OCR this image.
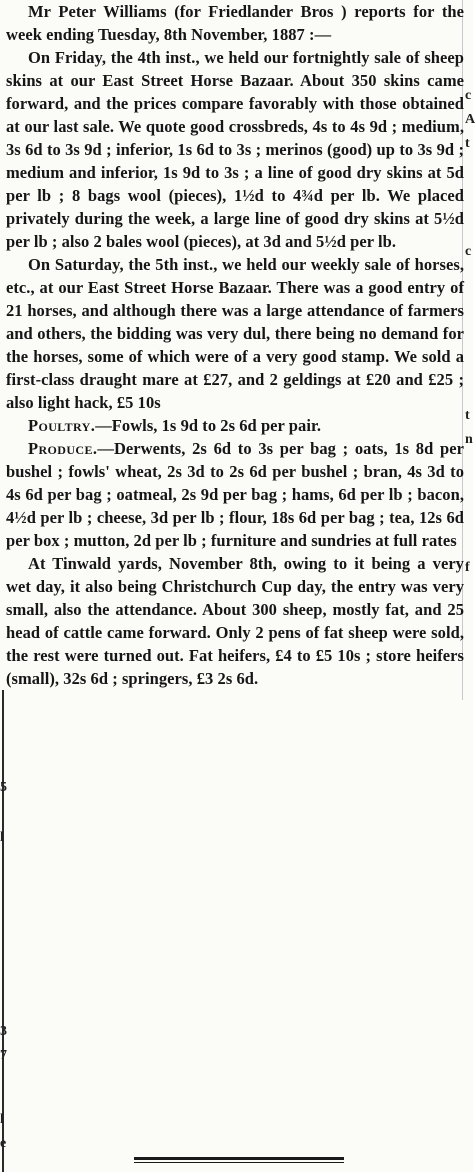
c
A
t
c
t
n
f
5
l
3
7
l
e

Mr Peter Williams (for Friedlander Bros ) reports for the week ending Tuesday, 8th November, 1887 :—

On Friday, the 4th inst., we held our fortnightly sale of sheep skins at our East Street Horse Bazaar. About 350 skins came forward, and the prices compare favorably with those obtained at our last sale. We quote good crossbreds, 4s to 4s 9d ; medium, 3s 6d to 3s 9d ; inferior, 1s 6d to 3s ; merinos (good) up to 3s 9d ; medium and inferior, 1s 9d to 3s ; a line of good dry skins at 5d per lb ; 8 bags wool (pieces), 1½d to 4¾d per lb. We placed privately during the week, a large line of good dry skins at 5½d per lb ; also 2 bales wool (pieces), at 3d and 5½d per lb.

On Saturday, the 5th inst., we held our weekly sale of horses, etc., at our East Street Horse Bazaar. There was a good entry of 21 horses, and although there was a large attendance of farmers and others, the bidding was very dul, there being no demand for the horses, some of which were of a very good stamp. We sold a first-class draught mare at £27, and 2 geldings at £20 and £25 ; also light hack, £5 10s

Poultry.—Fowls, 1s 9d to 2s 6d per pair.

Produce.—Derwents, 2s 6d to 3s per bag ; oats, 1s 8d per bushel ; fowls' wheat, 2s 3d to 2s 6d per bushel ; bran, 4s 3d to 4s 6d per bag ; oatmeal, 2s 9d per bag ; hams, 6d per lb ; bacon, 4½d per lb ; cheese, 3d per lb ; flour, 18s 6d per bag ; tea, 12s 6d per box ; mutton, 2d per lb ; furniture and sundries at full rates

At Tinwald yards, November 8th, owing to it being a very wet day, it also being Christchurch Cup day, the entry was very small, also the attendance. About 300 sheep, mostly fat, and 25 head of cattle came forward. Only 2 pens of fat sheep were sold, the rest were turned out. Fat heifers, £4 to £5 10s ; store heifers (small), 32s 6d ; springers, £3 2s 6d.
